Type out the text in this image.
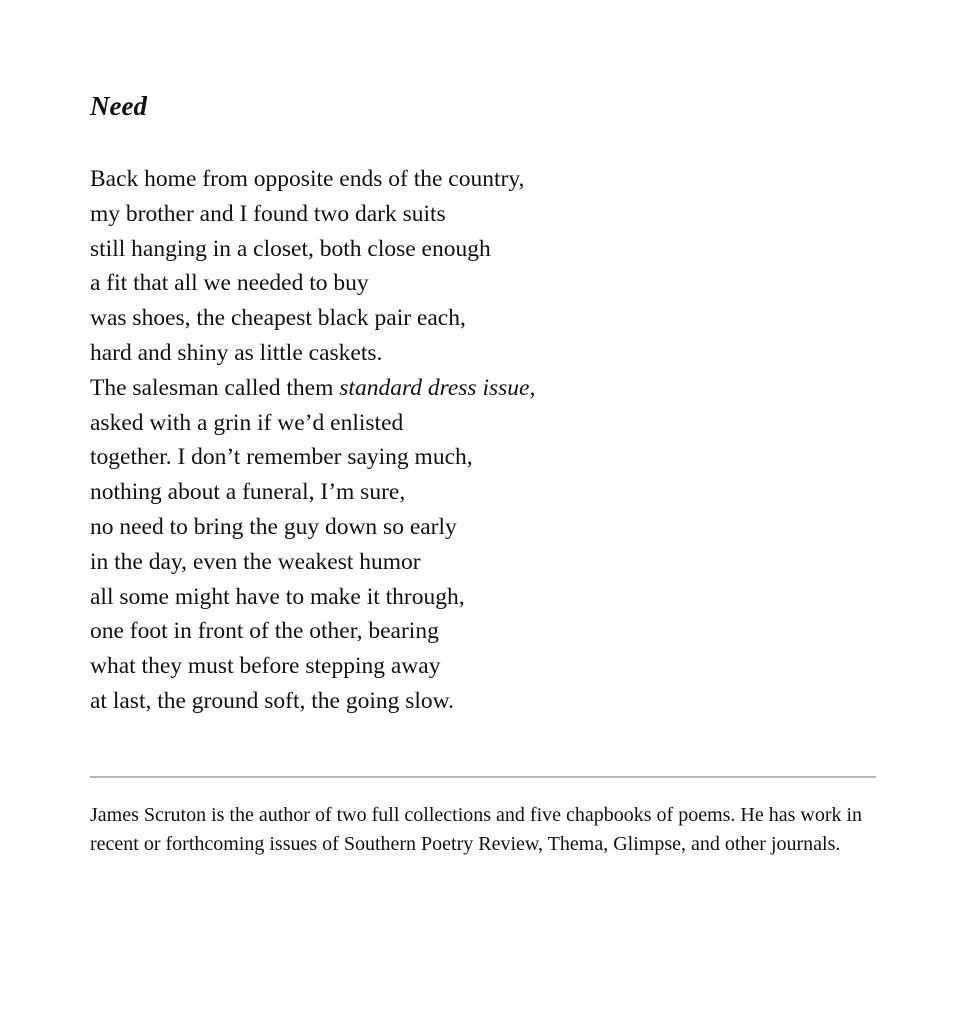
Need
Back home from opposite ends of the country,
my brother and I found two dark suits
still hanging in a closet, both close enough
a fit that all we needed to buy
was shoes, the cheapest black pair each,
hard and shiny as little caskets.
The salesman called them standard dress issue,
asked with a grin if we’d enlisted
together. I don’t remember saying much,
nothing about a funeral, I’m sure,
no need to bring the guy down so early
in the day, even the weakest humor
all some might have to make it through,
one foot in front of the other, bearing
what they must before stepping away
at last, the ground soft, the going slow.

James Scruton is the author of two full collections and five chapbooks of poems. He has work in recent or forthcoming issues of Southern Poetry Review, Thema, Glimpse, and other journals.
